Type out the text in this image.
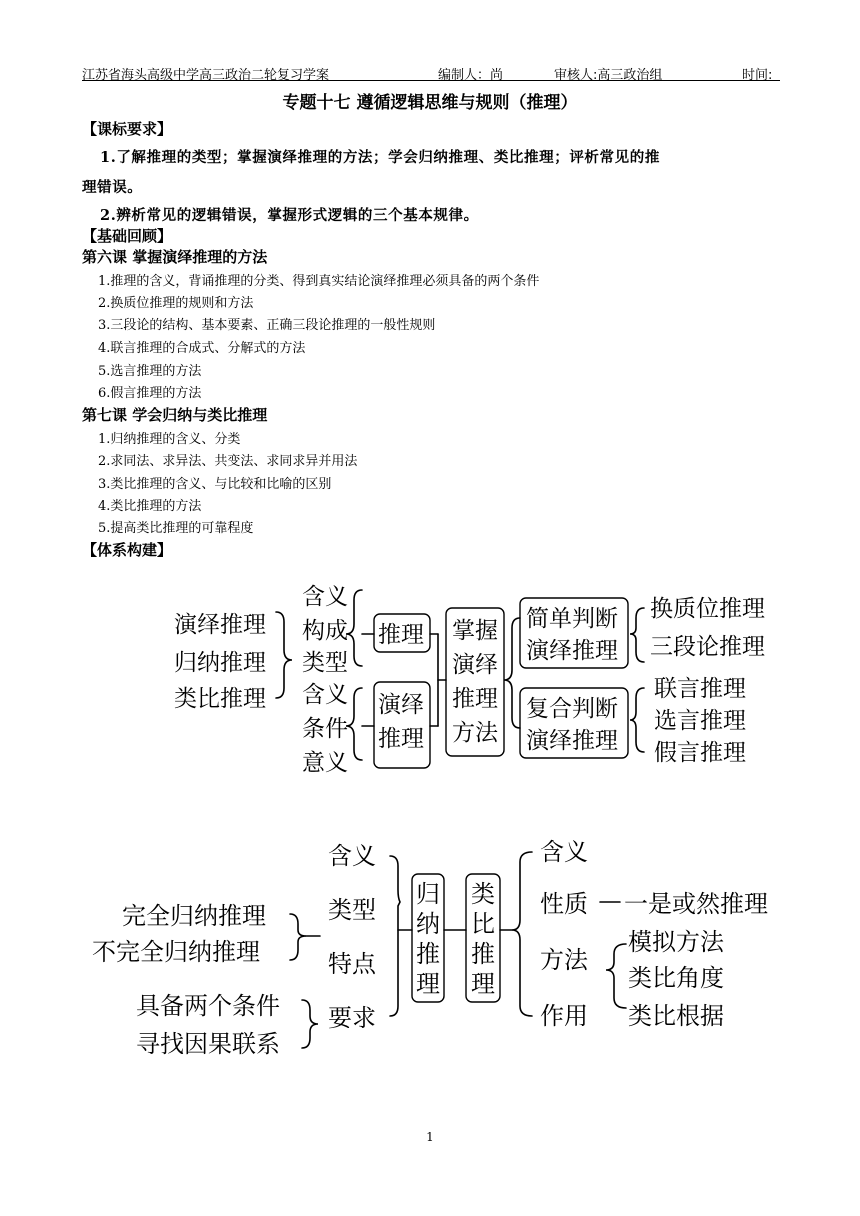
江苏省海头高级中学高三政治二轮复习学案	编制人：尚	审核人:高三政治组	时间:
专题十七 遵循逻辑思维与规则（推理）
【课标要求】
1.了解推理的类型；掌握演绎推理的方法；学会归纳推理、类比推理；评析常见的推
理错误。
2.辨析常见的逻辑错误，掌握形式逻辑的三个基本规律。
【基础回顾】
第六课 掌握演绎推理的方法
1.推理的含义，背诵推理的分类、得到真实结论演绎推理必须具备的两个条件
2.换质位推理的规则和方法
3.三段论的结构、基本要素、正确三段论推理的一般性规则
4.联言推理的合成式、分解式的方法
5.选言推理的方法
6.假言推理的方法
第七课 学会归纳与类比推理
1.归纳推理的含义、分类
2.求同法、求异法、共变法、求同求异并用法
3.类比推理的含义、与比较和比喻的区别
4.类比推理的方法
5.提高类比推理的可靠程度
【体系构建】
演绎推理
归纳推理
类比推理
含义
构成
类型
含义
条件
意义
推理
演绎
推理
掌握
演绎
推理
方法
简单判断
演绎推理
复合判断
演绎推理
换质位推理
三段论推理
联言推理
选言推理
假言推理
含义
类型
特点
要求
完全归纳推理
不完全归纳推理
具备两个条件
寻找因果联系
归
纳
推
理
类
比
推
理
含义
性质
方法
作用
一是或然推理
模拟方法
类比角度
类比根据
1
